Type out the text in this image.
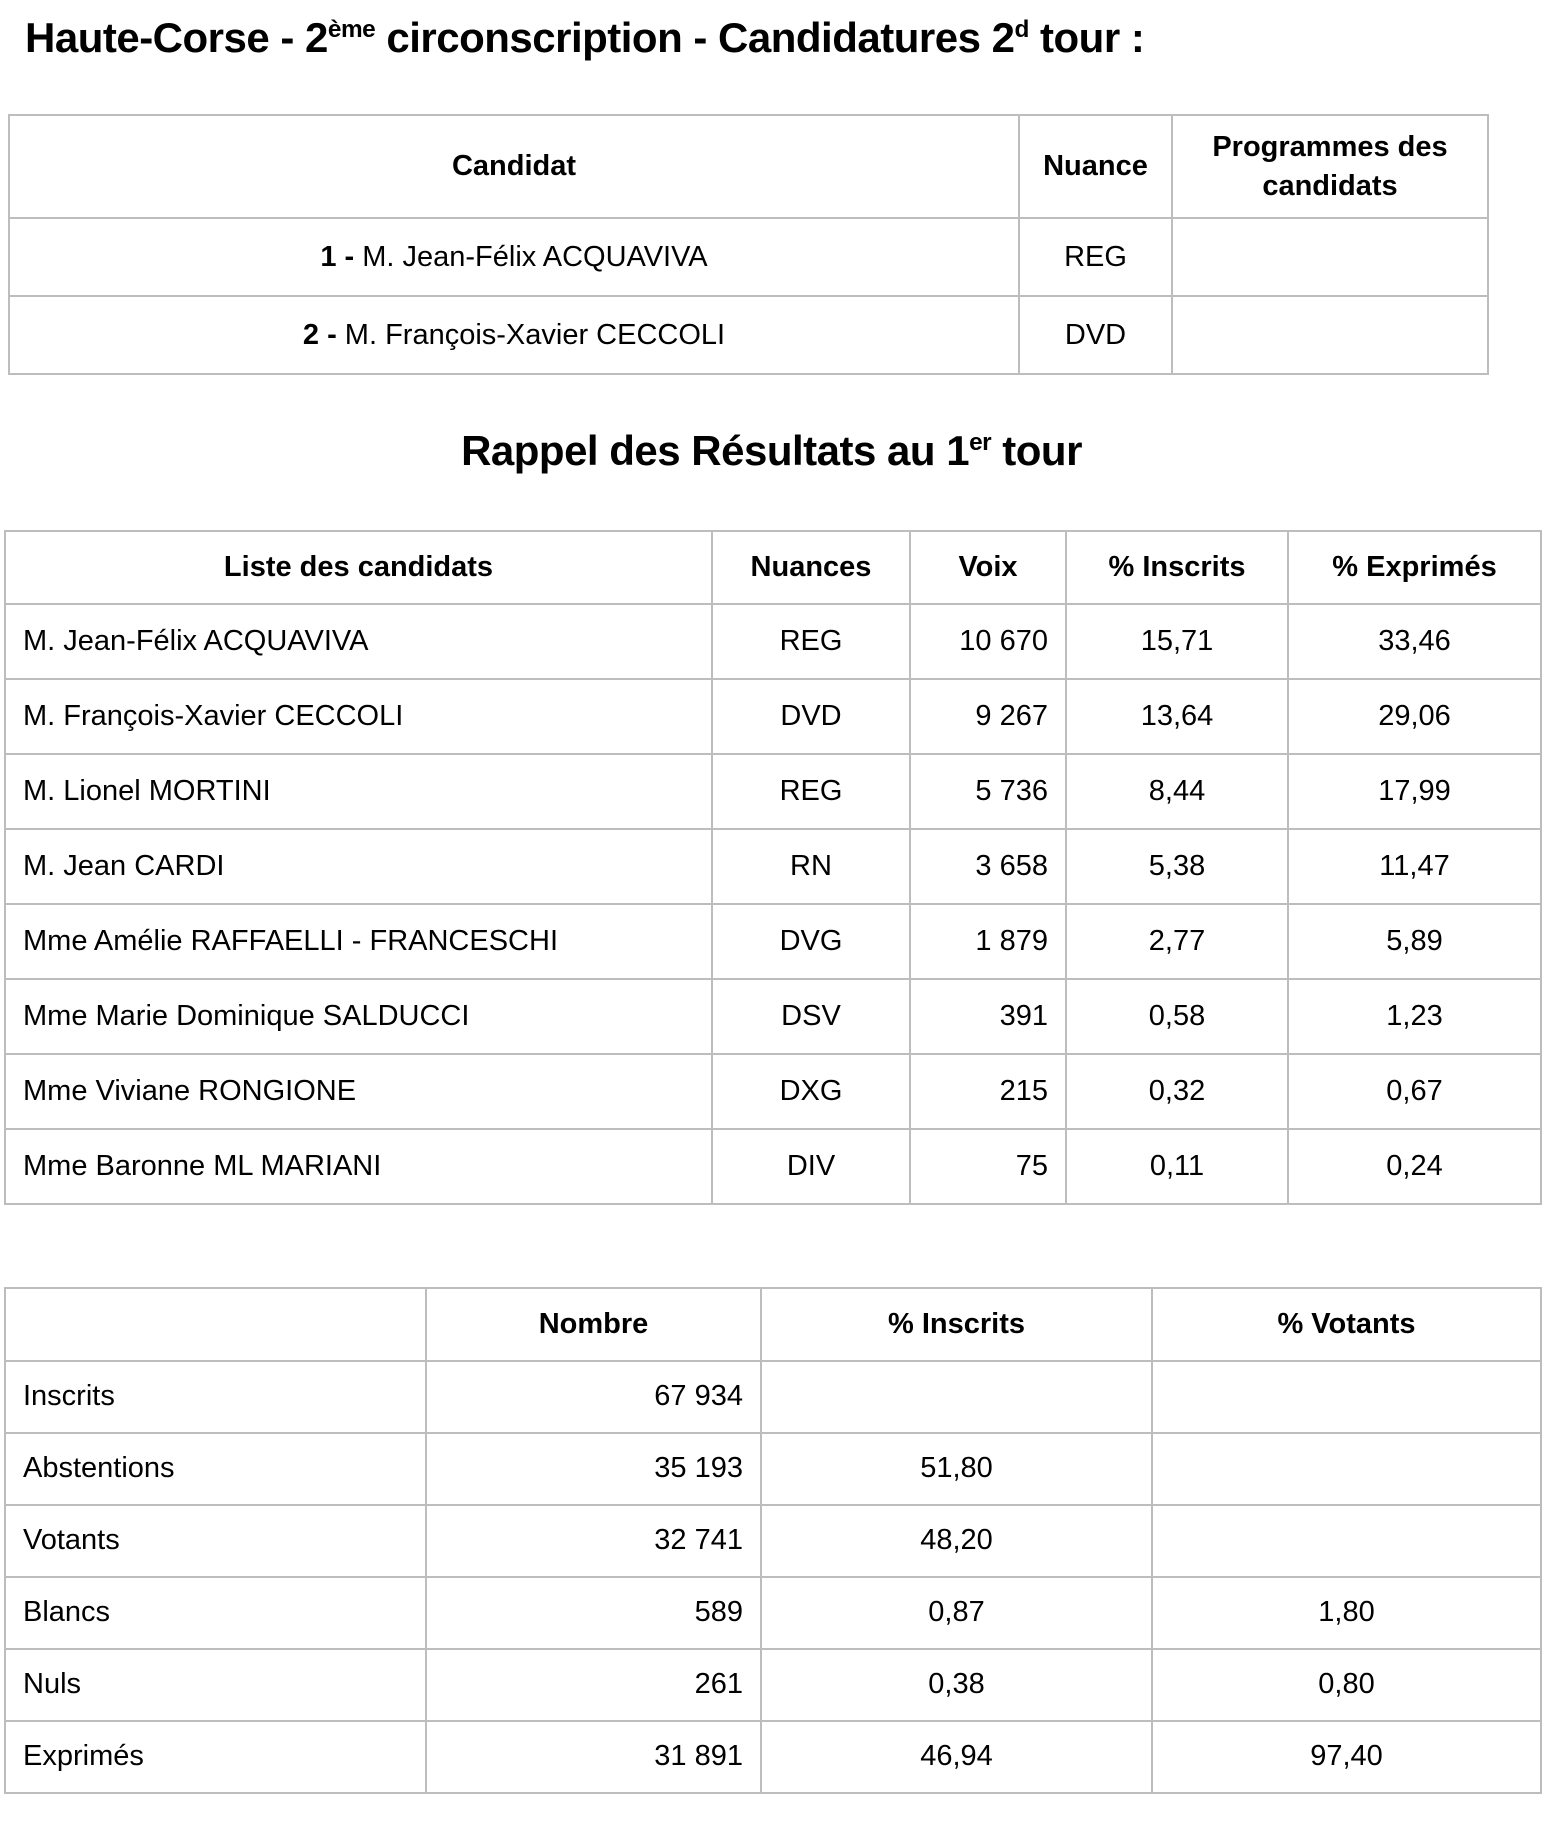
Haute-Corse - 2ème circonscription - Candidatures 2$^d$ tour :
Candidat	Nuance	Programmes des candidats
1 - M. Jean-Félix ACQUAVIVA	REG	
2 - M. François-Xavier CECCOLI	DVD	
Rappel des Résultats au 1er tour
Liste des candidats	Nuances	Voix	% Inscrits	% Exprimés
M. Jean-Félix ACQUAVIVA	REG	10 670	15,71	33,46
M. François-Xavier CECCOLI	DVD	9 267	13,64	29,06
M. Lionel MORTINI	REG	5 736	8,44	17,99
M. Jean CARDI	RN	3 658	5,38	11,47
Mme Amélie RAFFAELLI - FRANCESCHI	DVG	1 879	2,77	5,89
Mme Marie Dominique SALDUCCI	DSV	391	0,58	1,23
Mme Viviane RONGIONE	DXG	215	0,32	0,67
Mme Baronne ML MARIANI	DIV	75	0,11	0,24
	Nombre	% Inscrits	% Votants
Inscrits	67 934		
Abstentions	35 193	51,80	
Votants	32 741	48,20	
Blancs	589	0,87	1,80
Nuls	261	0,38	0,80
Exprimés	31 891	46,94	97,40
